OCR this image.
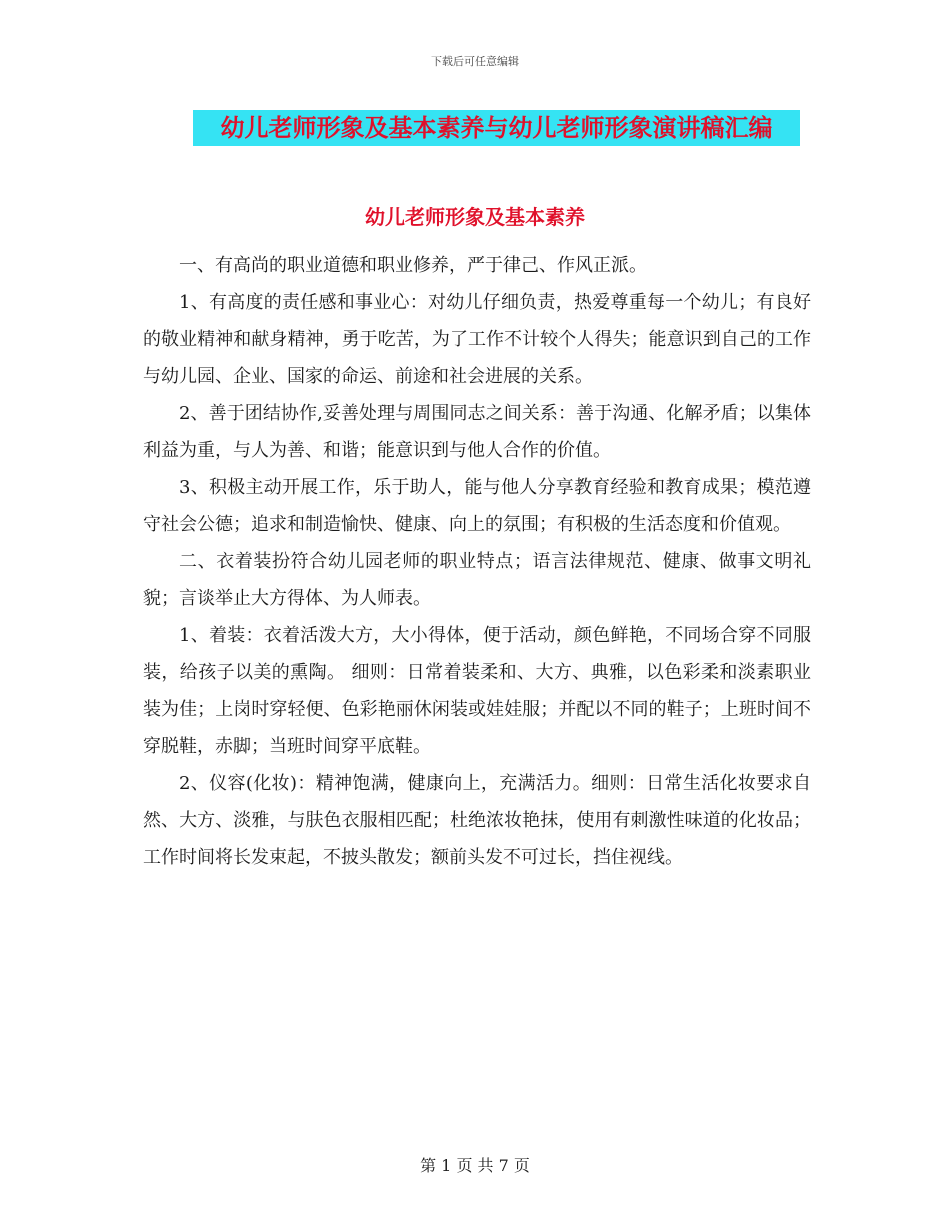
下载后可任意编辑
幼儿老师形象及基本素养与幼儿老师形象演讲稿汇编
幼儿老师形象及基本素养

一、有高尚的职业道德和职业修养，严于律己、作风正派。

1、有高度的责任感和事业心：对幼儿仔细负责，热爱尊重每一个幼儿；有良好的敬业精神和献身精神，勇于吃苦，为了工作不计较个人得失；能意识到自己的工作与幼儿园、企业、国家的命运、前途和社会进展的关系。

2、善于团结协作,妥善处理与周围同志之间关系：善于沟通、化解矛盾；以集体利益为重，与人为善、和谐；能意识到与他人合作的价值。

3、积极主动开展工作，乐于助人，能与他人分享教育经验和教育成果；模范遵守社会公德；追求和制造愉快、健康、向上的氛围；有积极的生活态度和价值观。

二、衣着装扮符合幼儿园老师的职业特点；语言法律规范、健康、做事文明礼貌；言谈举止大方得体、为人师表。

1、着装：衣着活泼大方，大小得体，便于活动，颜色鲜艳，不同场合穿不同服装，给孩子以美的熏陶。 细则：日常着装柔和、大方、典雅，以色彩柔和淡素职业装为佳；上岗时穿轻便、色彩艳丽休闲装或娃娃服；并配以不同的鞋子；上班时间不穿脱鞋，赤脚；当班时间穿平底鞋。

2、仪容(化妆)：精神饱满，健康向上，充满活力。细则：日常生活化妆要求自然、大方、淡雅，与肤色衣服相匹配；杜绝浓妆艳抹，使用有刺激性味道的化妆品；工作时间将长发束起，不披头散发；额前头发不可过长，挡住视线。

第 1 页 共 7 页
